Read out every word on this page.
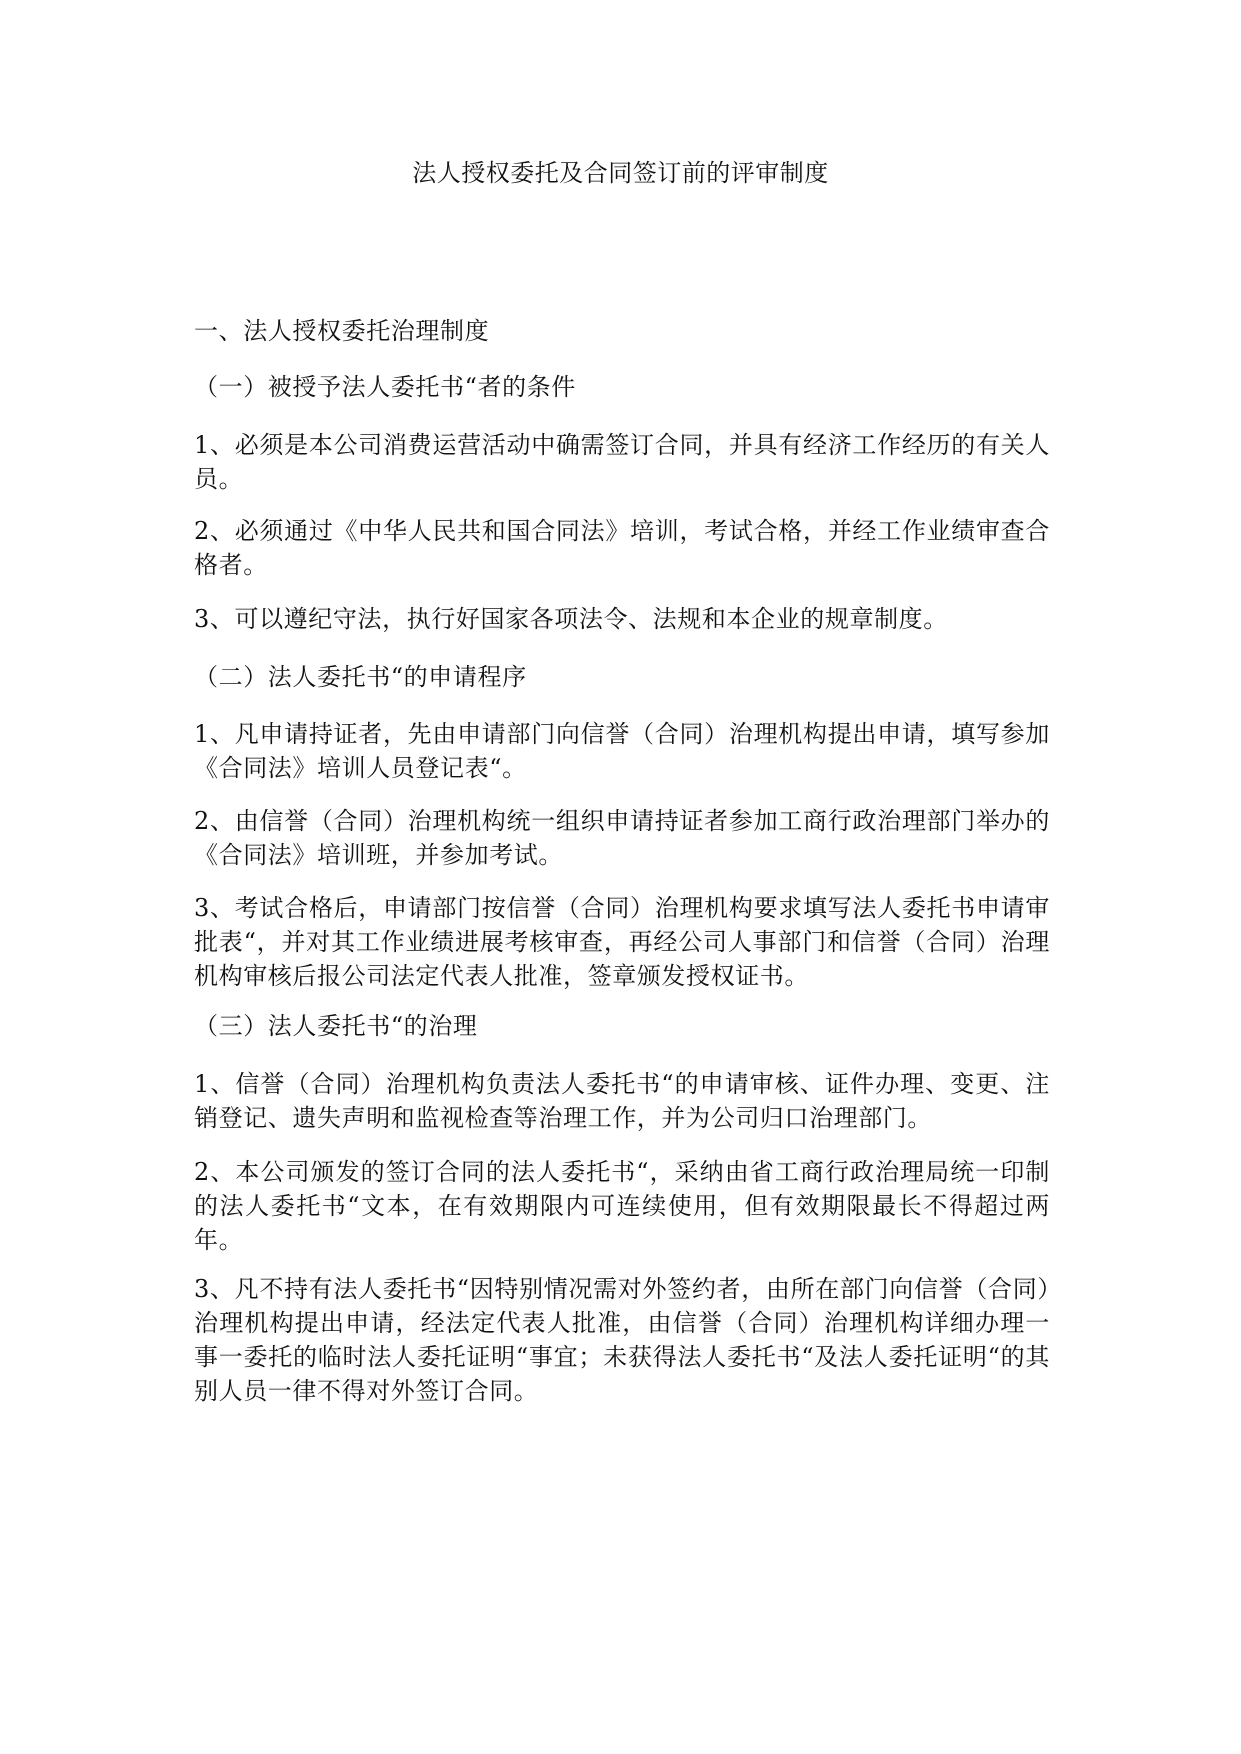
法人授权委托及合同签订前的评审制度

一、法人授权委托治理制度

（一）被授予法人委托书“者的条件

1、必须是本公司消费运营活动中确需签订合同，并具有经济工作经历的有关人员。

2、必须通过《中华人民共和国合同法》培训，考试合格，并经工作业绩审查合格者。

3、可以遵纪守法，执行好国家各项法令、法规和本企业的规章制度。

（二）法人委托书“的申请程序

1、凡申请持证者，先由申请部门向信誉（合同）治理机构提出申请，填写参加《合同法》培训人员登记表“。

2、由信誉（合同）治理机构统一组织申请持证者参加工商行政治理部门举办的《合同法》培训班，并参加考试。

3、考试合格后，申请部门按信誉（合同）治理机构要求填写法人委托书申请审批表“，并对其工作业绩进展考核审查，再经公司人事部门和信誉（合同）治理机构审核后报公司法定代表人批准，签章颁发授权证书。

（三）法人委托书“的治理

1、信誉（合同）治理机构负责法人委托书“的申请审核、证件办理、变更、注销登记、遗失声明和监视检查等治理工作，并为公司归口治理部门。

2、本公司颁发的签订合同的法人委托书“，采纳由省工商行政治理局统一印制的法人委托书“文本，在有效期限内可连续使用，但有效期限最长不得超过两年。

3、凡不持有法人委托书“因特别情况需对外签约者，由所在部门向信誉（合同）治理机构提出申请，经法定代表人批准，由信誉（合同）治理机构详细办理一事一委托的临时法人委托证明“事宜；未获得法人委托书“及法人委托证明“的其别人员一律不得对外签订合同。
